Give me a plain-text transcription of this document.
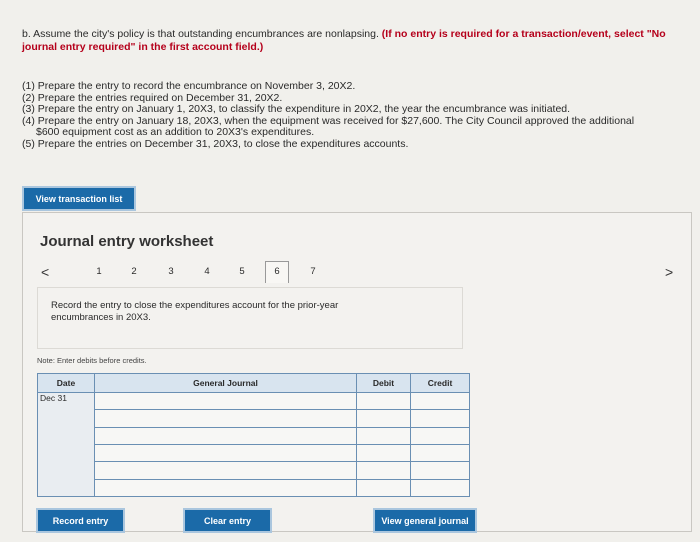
b. Assume the city's policy is that outstanding encumbrances are nonlapsing. (If no entry is required for a transaction/event, select "No journal entry required" in the first account field.)
(1) Prepare the entry to record the encumbrance on November 3, 20X2.
(2) Prepare the entries required on December 31, 20X2.
(3) Prepare the entry on January 1, 20X3, to classify the expenditure in 20X2, the year the encumbrance was initiated.
(4) Prepare the entry on January 18, 20X3, when the equipment was received for $27,600. The City Council approved the additional
$600 equipment cost as an addition to 20X3's expenditures.
(5) Prepare the entries on December 31, 20X3, to close the expenditures accounts.
View transaction list
Journal entry worksheet
<	1	2	3	4	5	6	7	>
Record the entry to close the expenditures account for the prior-year encumbrances in 20X3.
Note: Enter debits before credits.
Date	General Journal	Debit	Credit
Dec 31			

Record entry	Clear entry	View general journal
